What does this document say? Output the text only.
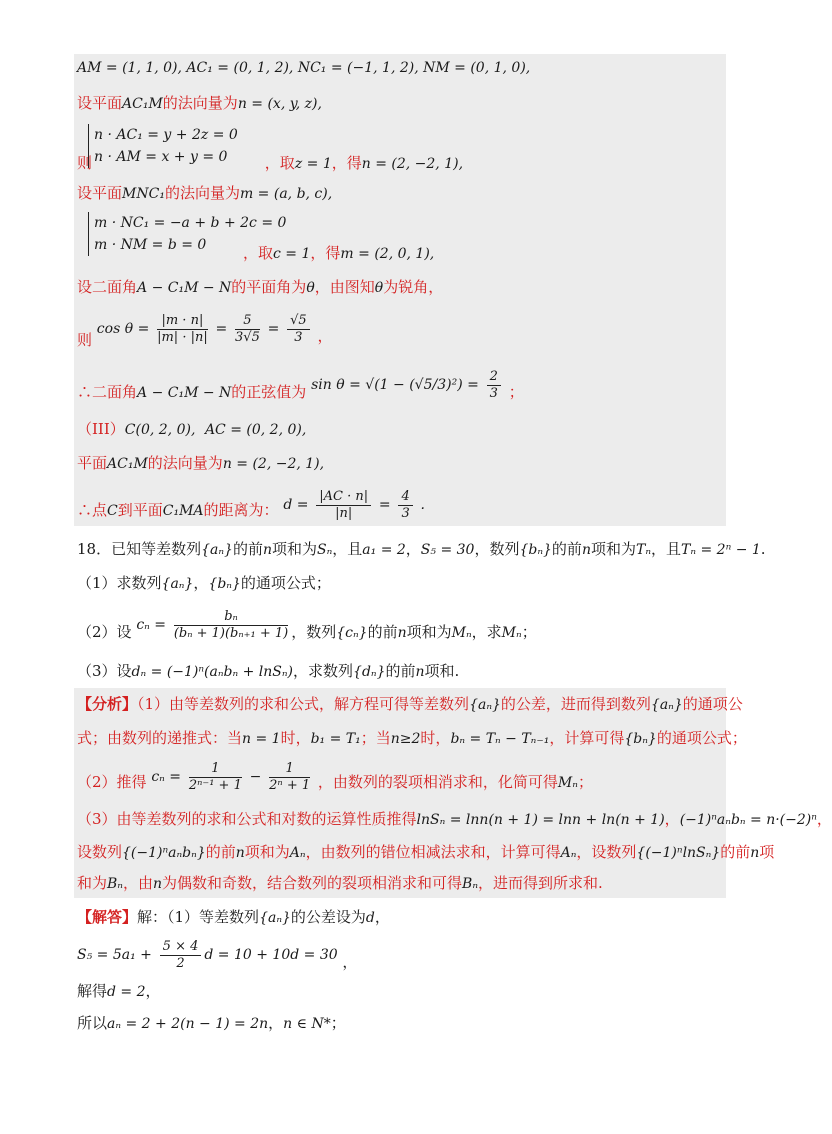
AM = (1, 1, 0), AC₁ = (0, 1, 2), NC₁ = (−1, 1, 2), NM = (0, 1, 0),
设平面AC₁M的法向量为n = (x, y, z),
n · AC₁ = y + 2z = 0
n · AM = x + y = 0
则	，取z = 1，得n = (2, −2, 1),
设平面MNC₁的法向量为m = (a, b, c),
m · NC₁ = −a + b + 2c = 0
m · NM = b = 0	，取c = 1，得m = (2, 0, 1),
设二面角A − C₁M − N的平面角为θ，由图知θ为锐角，
则 $\cos \theta = \frac{|m \cdot n|}{|m| \cdot |n|} = \frac{5}{3√5} = \frac{√5}{3}$ ，
∴二面角A − C₁M − N的正弦值为 $\sin \theta = √(1 - (√5/3)^2) = \frac{2}{3}$ ；
（III）C(0, 2, 0), AC = (0, 2, 0),
平面AC₁M的法向量为n = (2, −2, 1),
∴点C到平面C₁MA的距离为： $d = \frac{|AC \cdot n|}{|n|} = \frac{4}{3}$ .
18．已知等差数列{aₙ}的前n项和为Sₙ，且a₁ = 2，S₅ = 30，数列{bₙ}的前n项和为Tₙ，且Tₙ = 2ⁿ − 1.
（1）求数列{aₙ}，{bₙ}的通项公式；
（2）设 $c_n = \frac{\text{bₙ}}{\text{(bₙ + 1)(bₙ₊₁ + 1)}}$ ，数列{cₙ}的前n项和为Mₙ，求Mₙ；
（3）设dₙ = (−1)ⁿ(aₙbₙ + lnSₙ)，求数列{dₙ}的前n项和.
【分析】（1）由等差数列的求和公式，解方程可得等差数列{aₙ}的公差，进而得到数列{aₙ}的通项公
式；由数列的递推式：当n = 1时，b₁ = T₁；当n≥2时，bₙ = Tₙ − Tₙ₋₁，计算可得{bₙ}的通项公式；
（2）推得 $c_n = \frac{1}{\text{2ⁿ⁻¹ + 1}} - \frac{1}{\text{2ⁿ + 1}}$ ，由数列的裂项相消求和，化简可得Mₙ；
（3）由等差数列的求和公式和对数的运算性质推得lnSₙ = lnn(n + 1) = lnn + ln(n + 1)，(−1)ⁿaₙbₙ = n·(−2)ⁿ，
设数列{(−1)ⁿaₙbₙ}的前n项和为Aₙ，由数列的错位相减法求和，计算可得Aₙ，设数列{(−1)ⁿlnSₙ}的前n项
和为Bₙ，由n为偶数和奇数，结合数列的裂项相消求和可得Bₙ，进而得到所求和.
【解答】解：（1）等差数列{aₙ}的公差设为d，
$S_5 = 5a_1 + \frac{5 \times 4}{2}$ d = 10 + 10d = 30 ，
解得d = 2，
所以aₙ = 2 + 2(n − 1) = 2n，n ∈ N*；
